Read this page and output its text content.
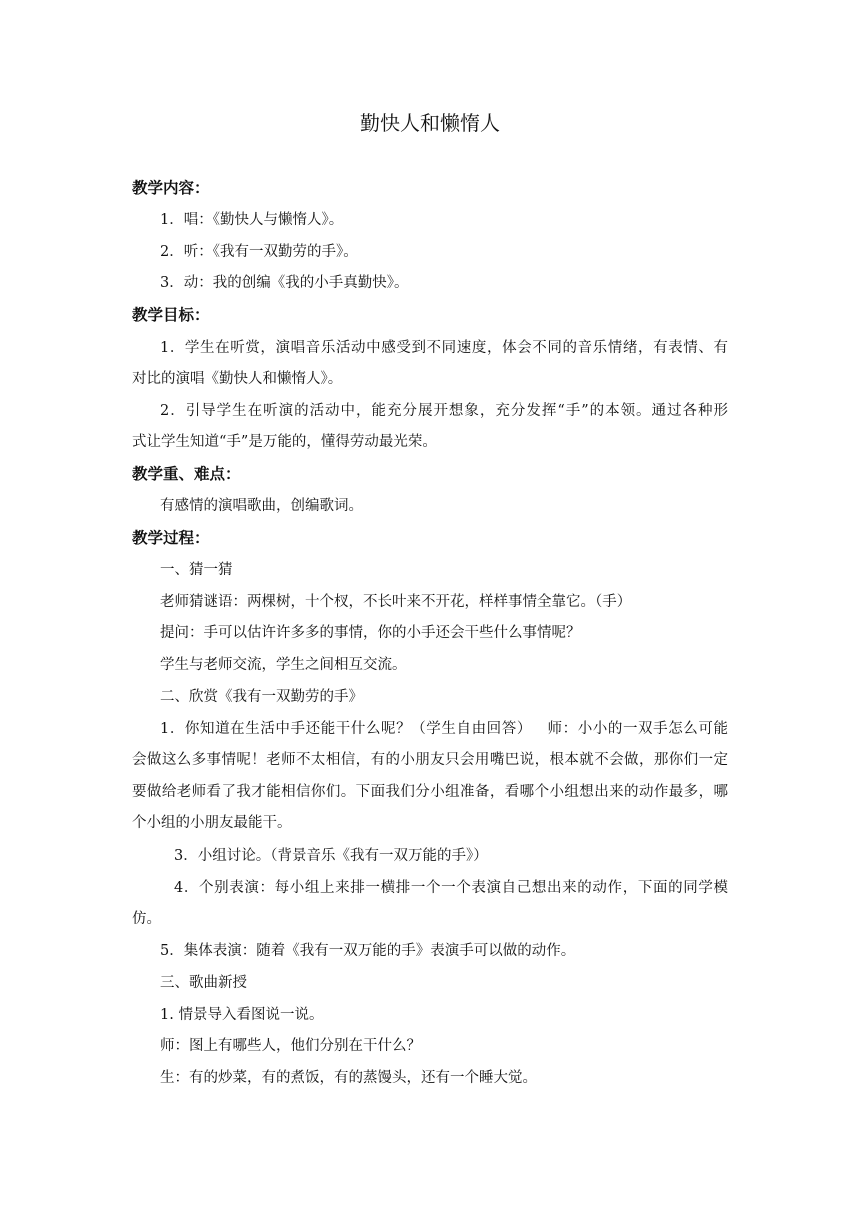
勤快人和懒惰人
教学内容：
1．唱：《勤快人与懒惰人》。
2．听：《我有一双勤劳的手》。
3．动：我的创编《我的小手真勤快》。
教学目标：
1．学生在听赏，演唱音乐活动中感受到不同速度，体会不同的音乐情绪，有表情、有
对比的演唱《勤快人和懒惰人》。
2．引导学生在听演的活动中，能充分展开想象，充分发挥“手”的本领。通过各种形
式让学生知道“手”是万能的，懂得劳动最光荣。
教学重、难点：
有感情的演唱歌曲，创编歌词。
教学过程：
一、猜一猜
老师猜谜语：两棵树，十个杈，不长叶来不开花，样样事情全靠它。（手）
提问：手可以估许许多多的事情，你的小手还会干些什么事情呢？
学生与老师交流，学生之间相互交流。
二、欣赏《我有一双勤劳的手》
1．你知道在生活中手还能干什么呢？（学生自由回答）   师：小小的一双手怎么可能
会做这么多事情呢！老师不太相信，有的小朋友只会用嘴巴说，根本就不会做，那你们一定
要做给老师看了我才能相信你们。下面我们分小组准备，看哪个小组想出来的动作最多，哪
个小组的小朋友最能干。
3．小组讨论。（背景音乐《我有一双万能的手》）
4．个别表演：每小组上来排一横排一个一个表演自己想出来的动作，下面的同学模
仿。
5．集体表演：随着《我有一双万能的手》表演手可以做的动作。
三、歌曲新授
1. 情景导入看图说一说。
师：图上有哪些人，他们分别在干什么？
生：有的炒菜，有的煮饭，有的蒸馒头，还有一个睡大觉。
